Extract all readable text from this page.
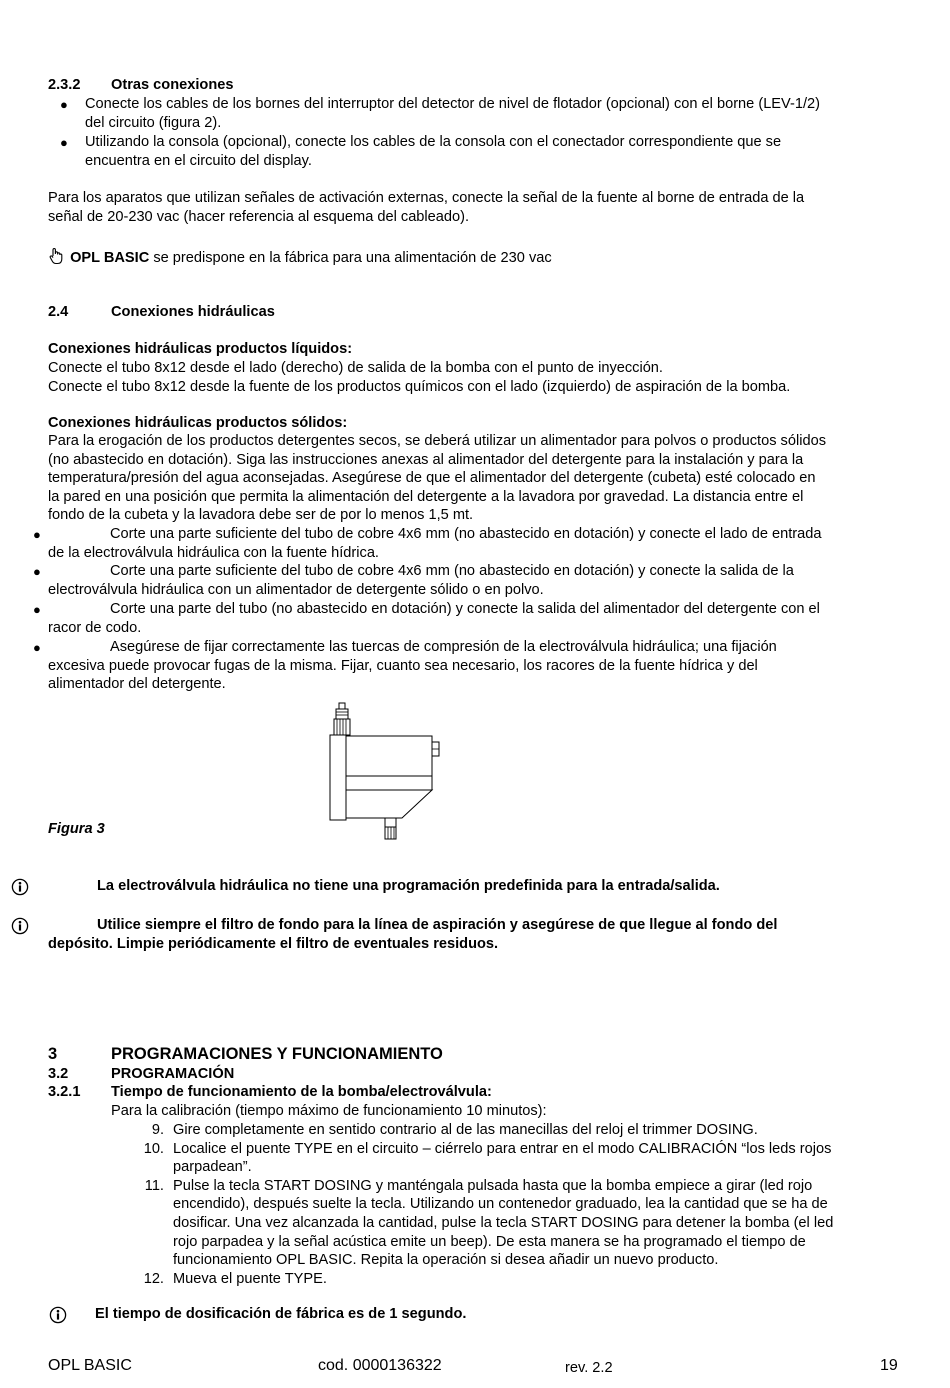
2.3.2 Otras conexiones
● Conecte los cables de los bornes del interruptor del detector de nivel de flotador (opcional) con el borne (LEV-1/2)
del circuito (figura 2).
● Utilizando la consola (opcional), conecte los cables de la consola con el conectador correspondiente que se
encuentra en el circuito del display.
Para los aparatos que utilizan señales de activación externas, conecte la señal de la fuente al borne de entrada de la
señal de 20-230 vac (hacer referencia al esquema del cableado).
OPL BASIC se predispone en la fábrica para una alimentación de 230 vac
2.4	Conexiones hidráulicas
Conexiones hidráulicas productos líquidos:
Conecte el tubo 8x12 desde el lado (derecho) de salida de la bomba con el punto de inyección.
Conecte el tubo 8x12 desde la fuente de los productos químicos con el lado (izquierdo) de aspiración de la bomba.
Conexiones hidráulicas productos sólidos:
Para la erogación de los productos detergentes secos, se deberá utilizar un alimentador para polvos o productos sólidos
(no abastecido en dotación). Siga las instrucciones anexas al alimentador del detergente para la instalación y para la
temperatura/presión del agua aconsejadas. Asegúrese de que el alimentador del detergente (cubeta) esté colocado en
la pared en una posición que permita la alimentación del detergente a la lavadora por gravedad. La distancia entre el
fondo de la cubeta y la lavadora debe ser de por lo menos 1,5 mt.
●	Corte una parte suficiente del tubo de cobre 4x6 mm (no abastecido en dotación) y conecte el lado de entrada
de la electroválvula hidráulica con la fuente hídrica.
●	Corte una parte suficiente del tubo de cobre 4x6 mm (no abastecido en dotación) y conecte la salida de la
electroválvula hidráulica con un alimentador de detergente sólido o en polvo.
●	Corte una parte del tubo (no abastecido en dotación) y conecte la salida del alimentador del detergente con el
racor de codo.
●	Asegúrese de fijar correctamente las tuercas de compresión de la electroválvula hidráulica; una fijación
excesiva puede provocar fugas de la misma. Fijar, cuanto sea necesario, los racores de la fuente hídrica y del
alimentador del detergente.
Figura 3
La electroválvula hidráulica no tiene una programación predefinida para la entrada/salida.
Utilice siempre el filtro de fondo para la línea de aspiración y asegúrese de que llegue al fondo del
depósito. Limpie periódicamente el filtro de eventuales residuos.
3	PROGRAMACIONES Y FUNCIONAMIENTO
3.2	PROGRAMACIÓN
3.2.1 Tiempo de funcionamiento de la bomba/electroválvula:
Para la calibración (tiempo máximo de funcionamiento 10 minutos):
9. Gire completamente en sentido contrario al de las manecillas del reloj el trimmer DOSING.
10. Localice el puente TYPE en el circuito – ciérrelo para entrar en el modo CALIBRACIÓN “los leds rojos
parpadean”.
11. Pulse la tecla START DOSING y manténgala pulsada hasta que la bomba empiece a girar (led rojo
encendido), después suelte la tecla. Utilizando un contenedor graduado, lea la cantidad que se ha de
dosificar. Una vez alcanzada la cantidad, pulse la tecla START DOSING para detener la bomba (el led
rojo parpadea y la señal acústica emite un beep). De esta manera se ha programado el tiempo de
funcionamiento OPL BASIC. Repita la operación si desea añadir un nuevo producto.
12. Mueva el puente TYPE.
El tiempo de dosificación de fábrica es de 1 segundo.
OPL BASIC	cod. 0000136322	rev. 2.2	19
